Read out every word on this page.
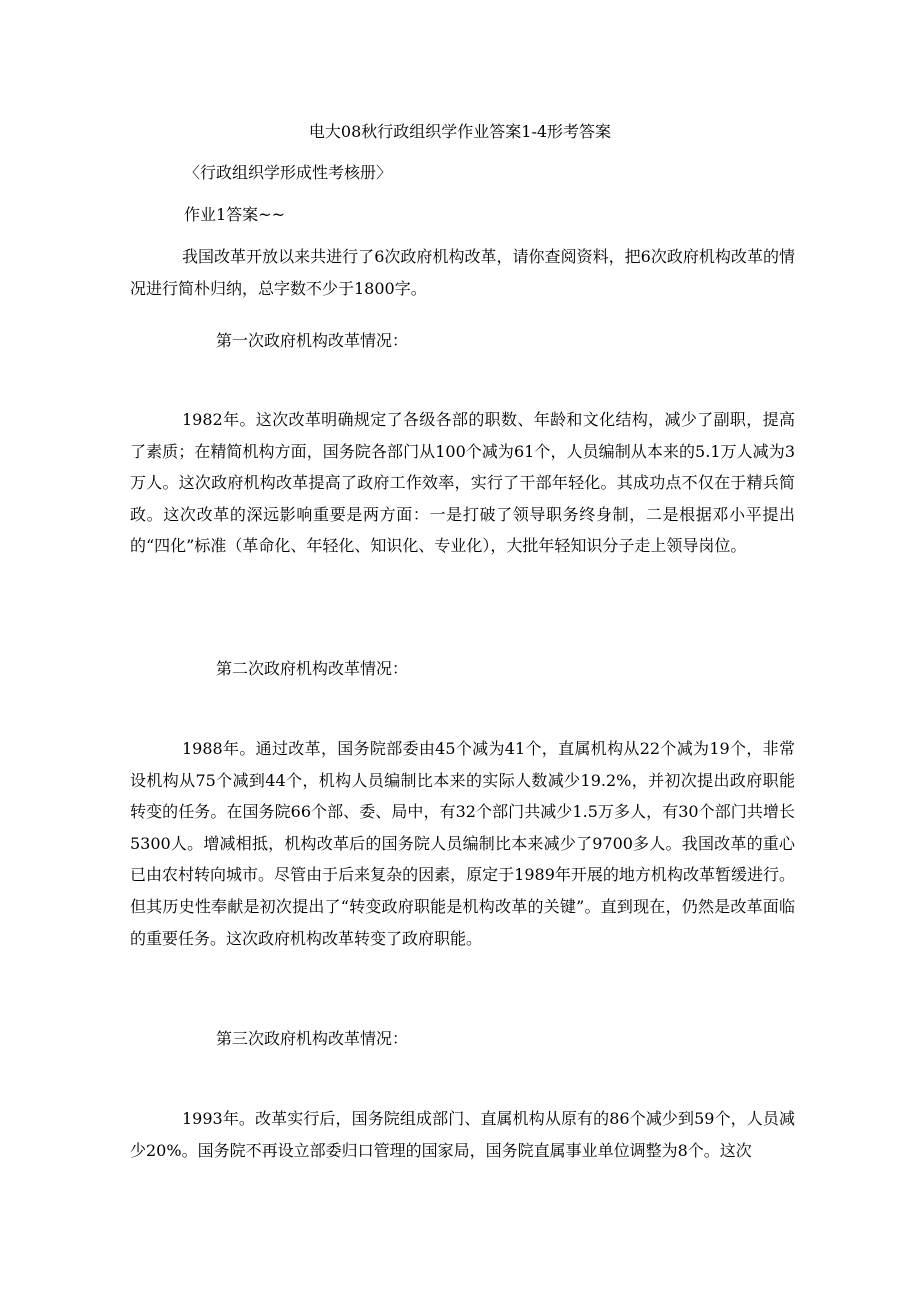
电大08秋行政组织学作业答案1-4形考答案
〈行政组织学形成性考核册〉
作业1答案~~

我国改革开放以来共进行了6次政府机构改革，请你查阅资料，把6次政府机构改革的情况进行简朴归纳，总字数不少于1800字。

第一次政府机构改革情况：

1982年。这次改革明确规定了各级各部的职数、年龄和文化结构，减少了副职，提高了素质；在精简机构方面，国务院各部门从100个减为61个，人员编制从本来的5.1万人减为3万人。这次政府机构改革提高了政府工作效率，实行了干部年轻化。其成功点不仅在于精兵简政。这次改革的深远影响重要是两方面：一是打破了领导职务终身制，二是根据邓小平提出的“四化”标准（革命化、年轻化、知识化、专业化），大批年轻知识分子走上领导岗位。

第二次政府机构改革情况：

1988年。通过改革，国务院部委由45个减为41个，直属机构从22个减为19个，非常设机构从75个减到44个，机构人员编制比本来的实际人数减少19.2%，并初次提出政府职能转变的任务。在国务院66个部、委、局中，有32个部门共减少1.5万多人，有30个部门共增长5300人。增减相抵，机构改革后的国务院人员编制比本来减少了9700多人。我国改革的重心已由农村转向城市。尽管由于后来复杂的因素，原定于1989年开展的地方机构改革暂缓进行。但其历史性奉献是初次提出了“转变政府职能是机构改革的关键”。直到现在，仍然是改革面临的重要任务。这次政府机构改革转变了政府职能。

第三次政府机构改革情况：

1993年。改革实行后，国务院组成部门、直属机构从原有的86个减少到59个，人员减少20%。国务院不再设立部委归口管理的国家局，国务院直属事业单位调整为8个。这次
